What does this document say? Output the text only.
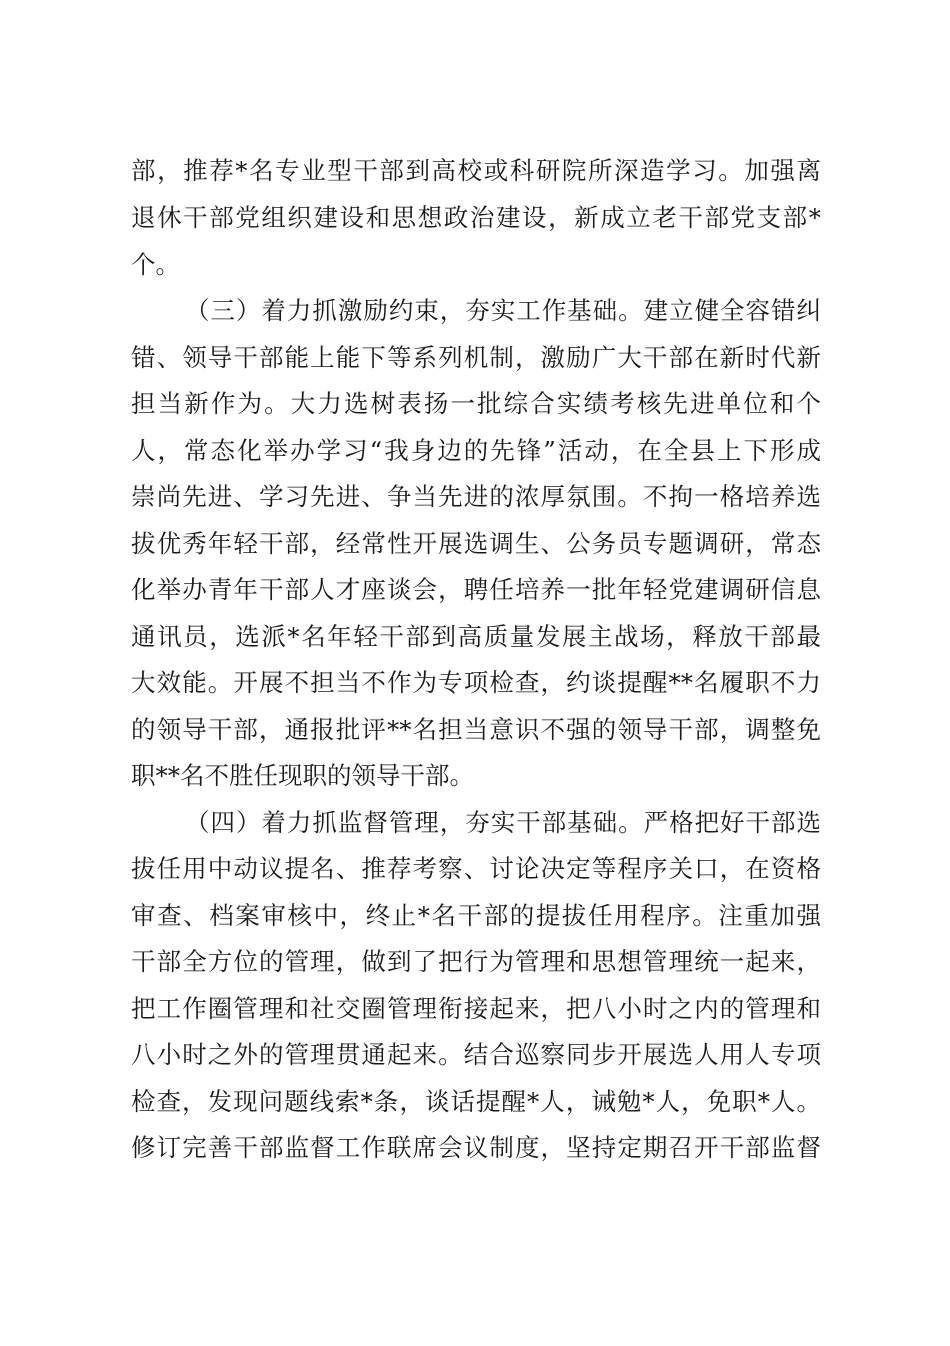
部，推荐*名专业型干部到高校或科研院所深造学习。加强离
退休干部党组织建设和思想政治建设，新成立老干部党支部*
个。
（三）着力抓激励约束，夯实工作基础。建立健全容错纠
错、领导干部能上能下等系列机制，激励广大干部在新时代新
担当新作为。大力选树表扬一批综合实绩考核先进单位和个
人，常态化举办学习“我身边的先锋”活动，在全县上下形成
崇尚先进、学习先进、争当先进的浓厚氛围。不拘一格培养选
拔优秀年轻干部，经常性开展选调生、公务员专题调研，常态
化举办青年干部人才座谈会，聘任培养一批年轻党建调研信息
通讯员，选派*名年轻干部到高质量发展主战场，释放干部最
大效能。开展不担当不作为专项检查，约谈提醒**名履职不力
的领导干部，通报批评**名担当意识不强的领导干部，调整免
职**名不胜任现职的领导干部。
（四）着力抓监督管理，夯实干部基础。严格把好干部选
拔任用中动议提名、推荐考察、讨论决定等程序关口，在资格
审查、档案审核中，终止*名干部的提拔任用程序。注重加强
干部全方位的管理，做到了把行为管理和思想管理统一起来，
把工作圈管理和社交圈管理衔接起来，把八小时之内的管理和
八小时之外的管理贯通起来。结合巡察同步开展选人用人专项
检查，发现问题线索*条，谈话提醒*人，诫勉*人，免职*人。
修订完善干部监督工作联席会议制度，坚持定期召开干部监督
